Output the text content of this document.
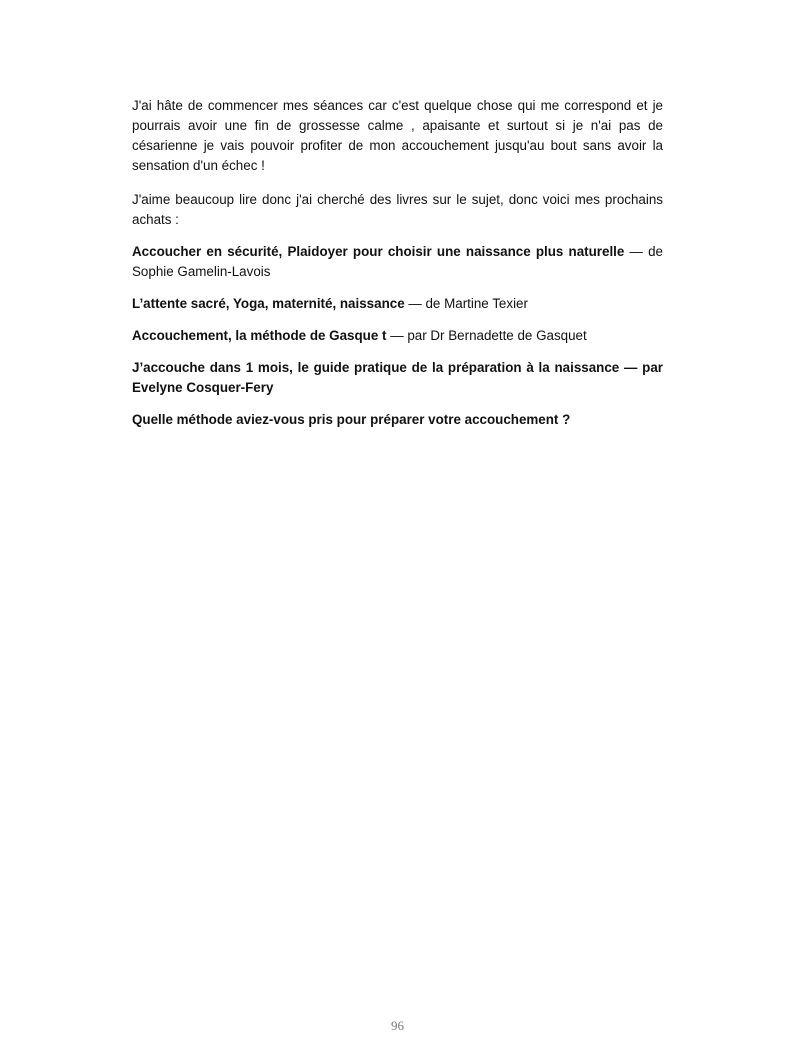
J'ai hâte de commencer mes séances car c'est quelque chose qui me correspond et je pourrais avoir une fin de grossesse calme , apaisante et surtout si je n'ai pas de césarienne je vais pouvoir profiter de mon accouchement jusqu'au bout sans avoir la sensation d'un échec !

J'aime beaucoup lire donc j'ai cherché des livres sur le sujet, donc voici mes prochains achats :

Accoucher en sécurité, Plaidoyer pour choisir une naissance plus naturelle — de Sophie Gamelin-Lavois

L’attente sacré, Yoga, maternité, naissance — de Martine Texier

Accouchement, la méthode de Gasque t — par Dr Bernadette de Gasquet

J’accouche dans 1 mois, le guide pratique de la préparation à la naissance — par Evelyne Cosquer-Fery

Quelle méthode aviez-vous pris pour préparer votre accouchement ?

96
